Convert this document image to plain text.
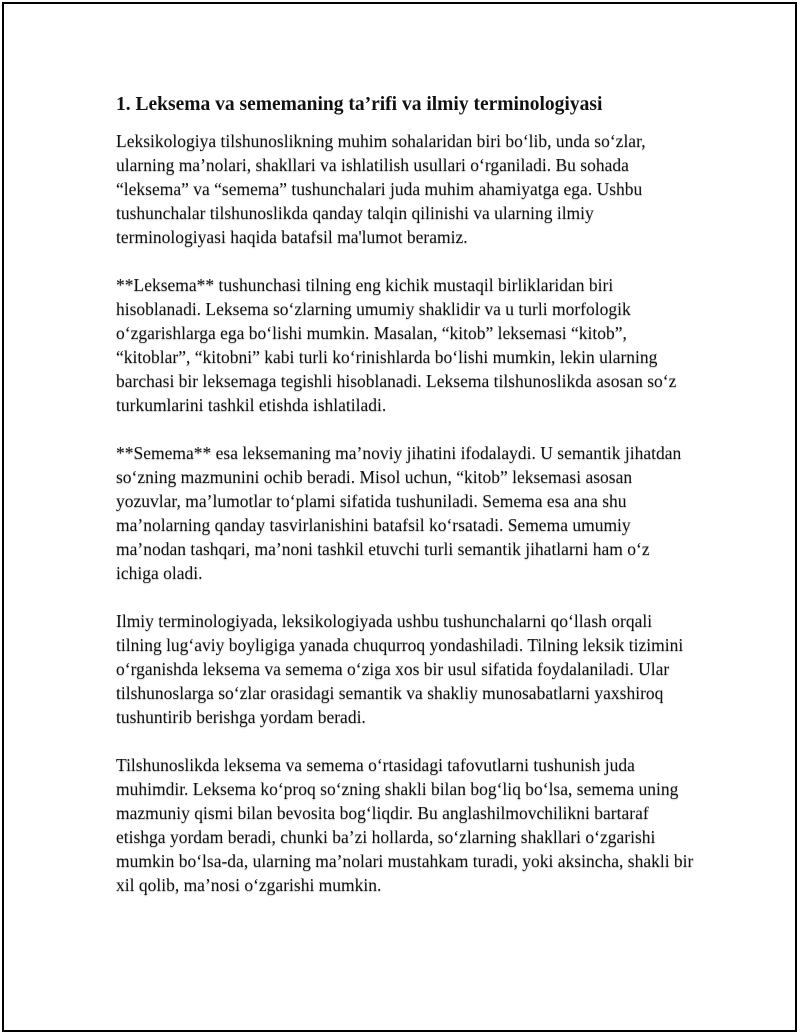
1. Leksema va sememaning ta’rifi va ilmiy terminologiyasi

Leksikologiya tilshunoslikning muhim sohalaridan biri bo‘lib, unda so‘zlar, ularning ma’nolari, shakllari va ishlatilish usullari o‘rganiladi. Bu sohada “leksema” va “semema” tushunchalari juda muhim ahamiyatga ega. Ushbu tushunchalar tilshunoslikda qanday talqin qilinishi va ularning ilmiy terminologiyasi haqida batafsil ma'lumot beramiz.

**Leksema** tushunchasi tilning eng kichik mustaqil birliklaridan biri hisoblanadi. Leksema so‘zlarning umumiy shaklidir va u turli morfologik o‘zgarishlarga ega bo‘lishi mumkin. Masalan, “kitob” leksemasi “kitob”, “kitoblar”, “kitobni” kabi turli ko‘rinishlarda bo‘lishi mumkin, lekin ularning barchasi bir leksemaga tegishli hisoblanadi. Leksema tilshunoslikda asosan so‘z turkumlarini tashkil etishda ishlatiladi.

**Semema** esa leksemaning ma’noviy jihatini ifodalaydi. U semantik jihatdan so‘zning mazmunini ochib beradi. Misol uchun, “kitob” leksemasi asosan yozuvlar, ma’lumotlar to‘plami sifatida tushuniladi. Semema esa ana shu ma’nolarning qanday tasvirlanishini batafsil ko‘rsatadi. Semema umumiy ma’nodan tashqari, ma’noni tashkil etuvchi turli semantik jihatlarni ham o‘z ichiga oladi.

Ilmiy terminologiyada, leksikologiyada ushbu tushunchalarni qo‘llash orqali tilning lug‘aviy boyligiga yanada chuqurroq yondashiladi. Tilning leksik tizimini o‘rganishda leksema va semema o‘ziga xos bir usul sifatida foydalaniladi. Ular tilshunoslarga so‘zlar orasidagi semantik va shakliy munosabatlarni yaxshiroq tushuntirib berishga yordam beradi.

Tilshunoslikda leksema va semema o‘rtasidagi tafovutlarni tushunish juda muhimdir. Leksema ko‘proq so‘zning shakli bilan bog‘liq bo‘lsa, semema uning mazmuniy qismi bilan bevosita bog‘liqdir. Bu anglashilmovchilikni bartaraf etishga yordam beradi, chunki ba’zi hollarda, so‘zlarning shakllari o‘zgarishi mumkin bo‘lsa-da, ularning ma’nolari mustahkam turadi, yoki aksincha, shakli bir xil qolib, ma’nosi o‘zgarishi mumkin.
